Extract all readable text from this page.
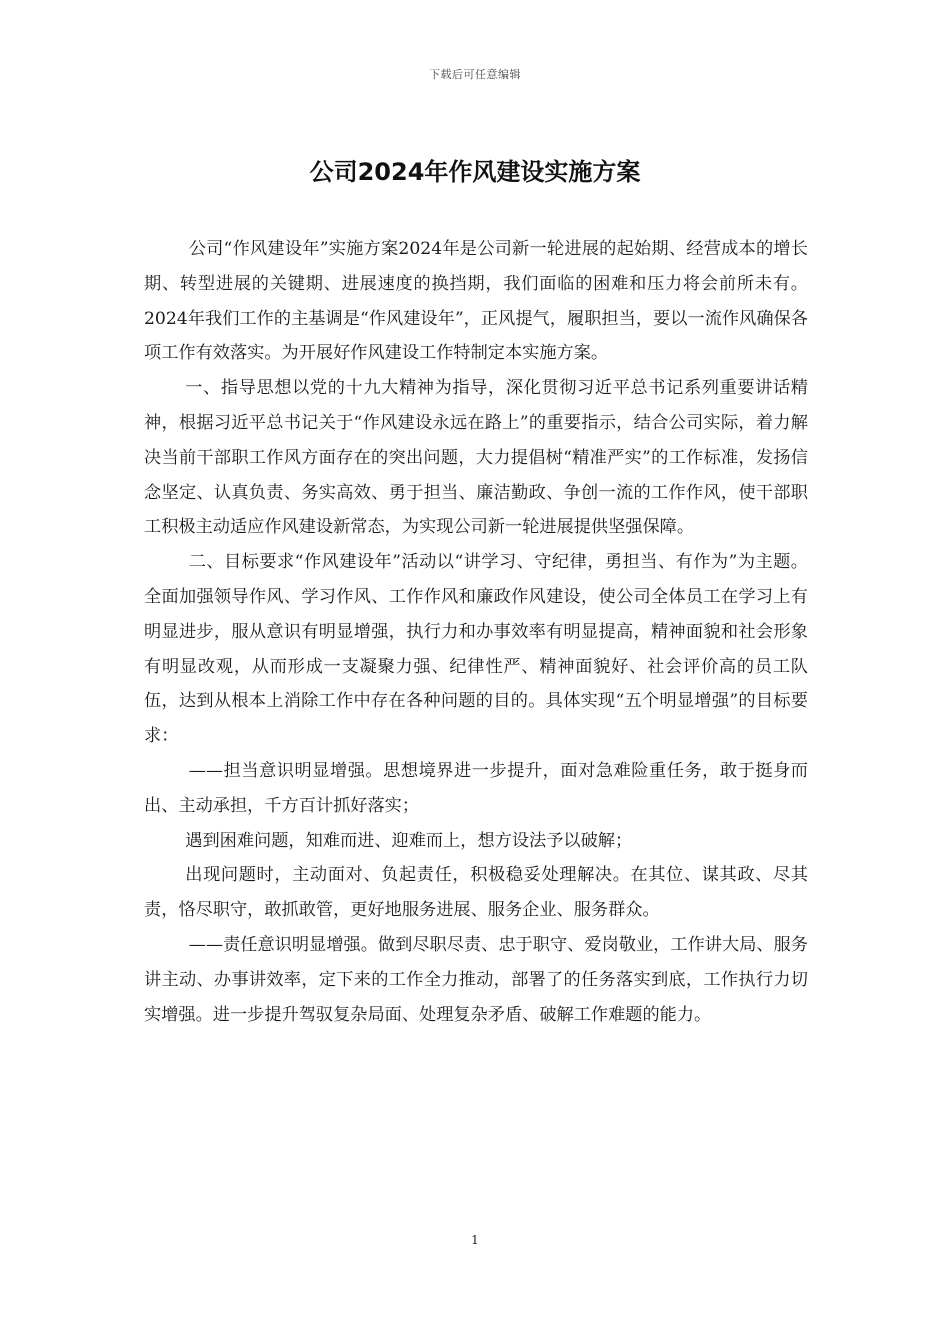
下载后可任意编辑
公司2024年作风建设实施方案

公司“作风建设年”实施方案2024年是公司新一轮进展的起始期、经营成本的增长期、转型进展的关键期、进展速度的换挡期，我们面临的困难和压力将会前所未有。2024年我们工作的主基调是“作风建设年”，正风提气，履职担当，要以一流作风确保各项工作有效落实。为开展好作风建设工作特制定本实施方案。

一、指导思想以党的十九大精神为指导，深化贯彻习近平总书记系列重要讲话精神，根据习近平总书记关于“作风建设永远在路上”的重要指示，结合公司实际，着力解决当前干部职工作风方面存在的突出问题，大力提倡树“精准严实”的工作标准，发扬信念坚定、认真负责、务实高效、勇于担当、廉洁勤政、争创一流的工作作风，使干部职工积极主动适应作风建设新常态，为实现公司新一轮进展提供坚强保障。

二、目标要求“作风建设年”活动以“讲学习、守纪律，勇担当、有作为”为主题。全面加强领导作风、学习作风、工作作风和廉政作风建设，使公司全体员工在学习上有明显进步，服从意识有明显增强，执行力和办事效率有明显提高，精神面貌和社会形象有明显改观，从而形成一支凝聚力强、纪律性严、精神面貌好、社会评价高的员工队伍，达到从根本上消除工作中存在各种问题的目的。具体实现“五个明显增强”的目标要求：

——担当意识明显增强。思想境界进一步提升，面对急难险重任务，敢于挺身而出、主动承担，千方百计抓好落实；

遇到困难问题，知难而进、迎难而上，想方设法予以破解；

出现问题时，主动面对、负起责任，积极稳妥处理解决。在其位、谋其政、尽其责，恪尽职守，敢抓敢管，更好地服务进展、服务企业、服务群众。

——责任意识明显增强。做到尽职尽责、忠于职守、爱岗敬业，工作讲大局、服务讲主动、办事讲效率，定下来的工作全力推动，部署了的任务落实到底，工作执行力切实增强。进一步提升驾驭复杂局面、处理复杂矛盾、破解工作难题的能力。

1
